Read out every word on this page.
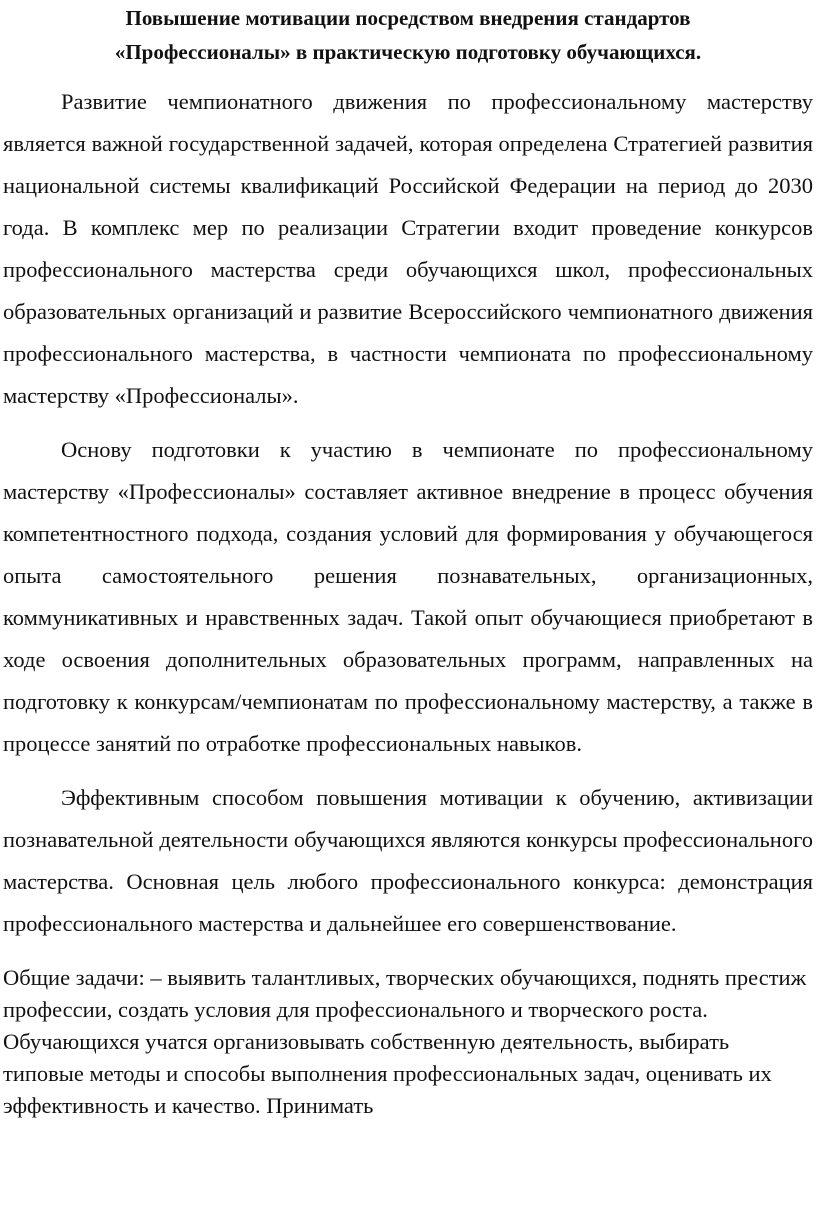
Повышение мотивации посредством внедрения стандартов
«Профессионалы» в практическую подготовку обучающихся.

Развитие чемпионатного движения по профессиональному мастерству является важной государственной задачей, которая определена Стратегией развития национальной системы квалификаций Российской Федерации на период до 2030 года. В комплекс мер по реализации Стратегии входит проведение конкурсов профессионального мастерства среди обучающихся школ, профессиональных образовательных организаций и развитие Всероссийского чемпионатного движения профессионального мастерства, в частности чемпионата по профессиональному мастерству «Профессионалы».

Основу подготовки к участию в чемпионате по профессиональному мастерству «Профессионалы» составляет активное внедрение в процесс обучения компетентностного подхода, создания условий для формирования у обучающегося опыта самостоятельного решения познавательных, организационных, коммуникативных и нравственных задач. Такой опыт обучающиеся приобретают в ходе освоения дополнительных образовательных программ, направленных на подготовку к конкурсам/чемпионатам по профессиональному мастерству, а также в процессе занятий по отработке профессиональных навыков.

Эффективным способом повышения мотивации к обучению, активизации познавательной деятельности обучающихся являются конкурсы профессионального мастерства. Основная цель любого профессионального конкурса: демонстрация профессионального мастерства и дальнейшее его совершенствование.

Общие задачи: – выявить талантливых, творческих обучающихся, поднять престиж профессии, создать условия для профессионального и творческого роста. Обучающихся учатся организовывать собственную деятельность, выбирать типовые методы и способы выполнения профессиональных задач, оценивать их эффективность и качество. Принимать
